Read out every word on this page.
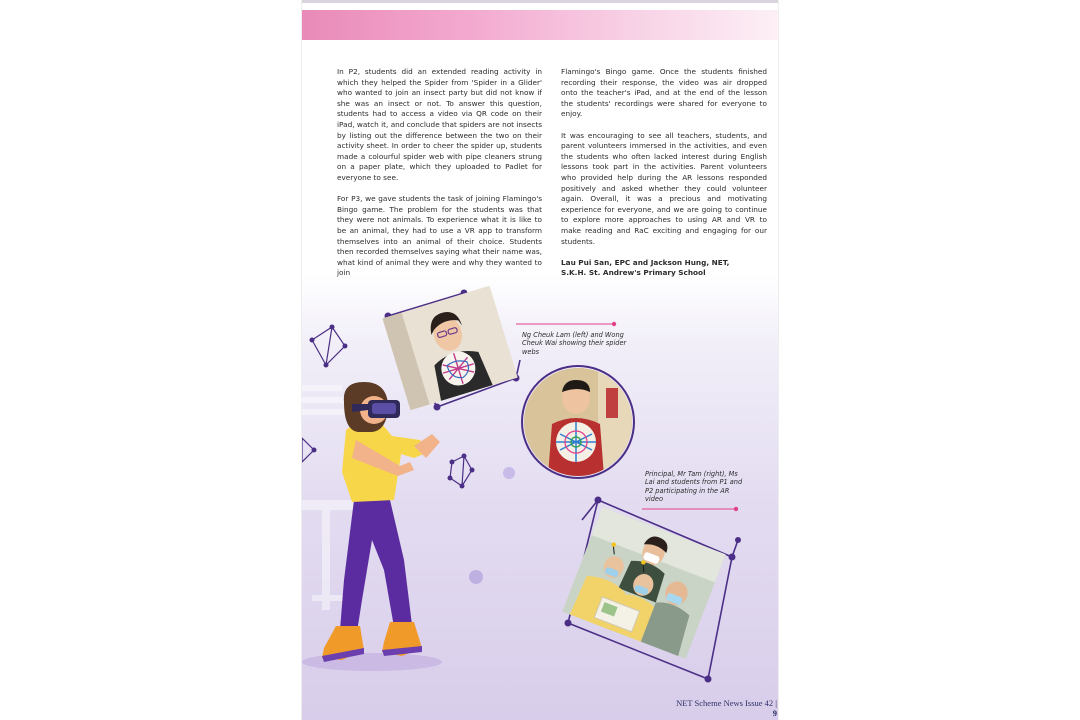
In P2, students did an extended reading activity in which they helped the Spider from 'Spider in a Glider' who wanted to join an insect party but did not know if she was an insect or not. To answer this question, students had to access a video via QR code on their iPad, watch it, and conclude that spiders are not insects by listing out the difference between the two on their activity sheet. In order to cheer the spider up, students made a colourful spider web with pipe cleaners strung on a paper plate, which they uploaded to Padlet for everyone to see.

For P3, we gave students the task of joining Flamingo's Bingo game. The problem for the students was that they were not animals. To experience what it is like to be an animal, they had to use a VR app to transform themselves into an animal of their choice. Students then recorded themselves saying what their name was, what kind of animal they were and why they wanted to join

Flamingo's Bingo game. Once the students finished recording their response, the video was air dropped onto the teacher's iPad, and at the end of the lesson the students' recordings were shared for everyone to enjoy.

It was encouraging to see all teachers, students, and parent volunteers immersed in the activities, and even the students who often lacked interest during English lessons took part in the activities. Parent volunteers who provided help during the AR lessons responded positively and asked whether they could volunteer again. Overall, it was a precious and motivating experience for everyone, and we are going to continue to explore more approaches to using AR and VR to make reading and RaC exciting and engaging for our students.

Lau Pui San, EPC and Jackson Hung, NET,
S.K.H. St. Andrew's Primary School
Ng Cheuk Lam (left) and Wong Cheuk Wai showing their spider webs
Principal, Mr Tam (right), Ms Lai and students from P1 and P2 participating in the AR video
NET Scheme News Issue 42 | 9
